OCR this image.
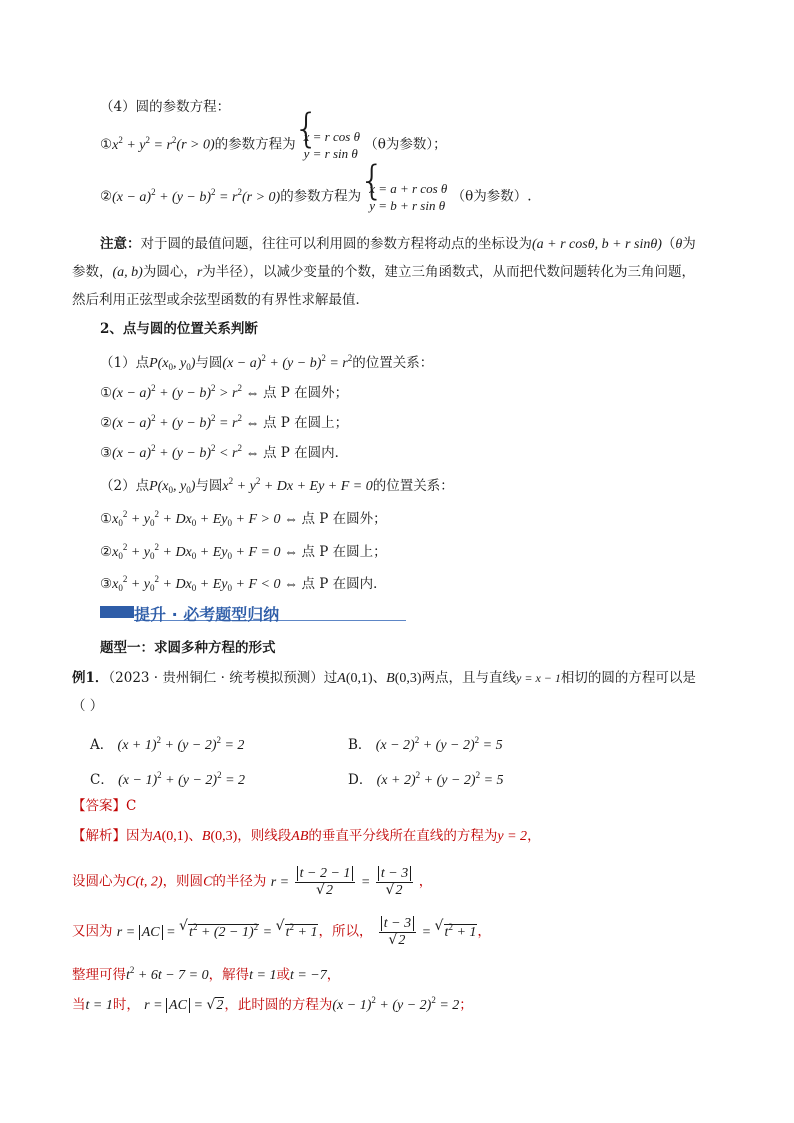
（4）圆的参数方程：
$①x^2 + y^2 = r^2(r > 0)$的参数方程为 { x = r cos θ
y = r sin θ
（θ为参数）；
②(x − $a)^2 + (y - b)^2 = r^2(r > 0)$的参数方程为 { x = a + r cos θ
y = b + r sin θ
（θ为参数）.
注意：对于圆的最值问题，往往可以利用圆的参数方程将动点的坐标设为(a + r cosθ, b + r sinθ)（θ为
参数，(a, b)为圆心，r为半径），以减少变量的个数，建立三角函数式，从而把代数问题转化为三角问题，
然后利用正弦型或余弦型函数的有界性求解最值．
2、点与圆的位置关系判断
（1）点$P(x_0$, $y_0$)与圆$(x - a)^2 + (y - b)^2 = r^2$的位置关系：
①(x − $a)^2 + (y - b)^2 > r^2$ ⇔ 点 P 在圆外；
②(x − $a)^2 + (y - b)^2 = r^2$ ⇔ 点 P 在圆上；
③(x − $a)^2 + (y - b)^2 < r^2$ ⇔ 点 P 在圆内．
（2）点$P(x_0$, $y_0$)与圆$x^2 + y^2 + Dx + Ey + F = 0$的位置关系：
$①x_0^2 + y_0^2 + Dx_0 + Ey_0 + F > 0$ ⇔ 点 P 在圆外；
$②x_0^2 + y_0^2 + Dx_0 + Ey_0 + F = 0$ ⇔ 点 P 在圆上；
$③x_0^2 + y_0^2 + Dx_0 + Ey_0 + F < 0$ ⇔ 点 P 在圆内．
提升 · 必考题型归纳
题型一：求圆多种方程的形式
例1．（2023 · 贵州铜仁 · 统考模拟预测）过A(0,1)、B(0,3)两点，且与直线y = x − 1相切的圆的方程可以是
（ ）
A． $(x + 1)^2 + (y - 2)^2 = 2$	B． $(x - 2)^2 + (y - 2)^2 = 5$
C． $(x - 1)^2 + (y - 2)^2 = 2$	D． $(x + 2)^2 + (y - 2)^2 = 5$
【答案】C
【解析】因为A(0,1)、B(0,3)，则线段AB的垂直平分线所在直线的方程为y = 2，
设圆心为C(t, 2)，则圆C的半径为 r = t − 2 − 1
√ 2 = t − 3
√ 2 ，
又因为 r = AC = √ $t^2 + (2 - 1)^2$ = √ $t^2 + 1$，所以， t − 3
√ 2 = √ $t^2 + 1$，
整理可得$t^2 + 6t - 7 = 0$，解得t = 1或t = −7，
当t = 1时， r = AC = √ 2，此时圆的方程为$(x - 1)^2 + (y - 2)^2 = 2$；
